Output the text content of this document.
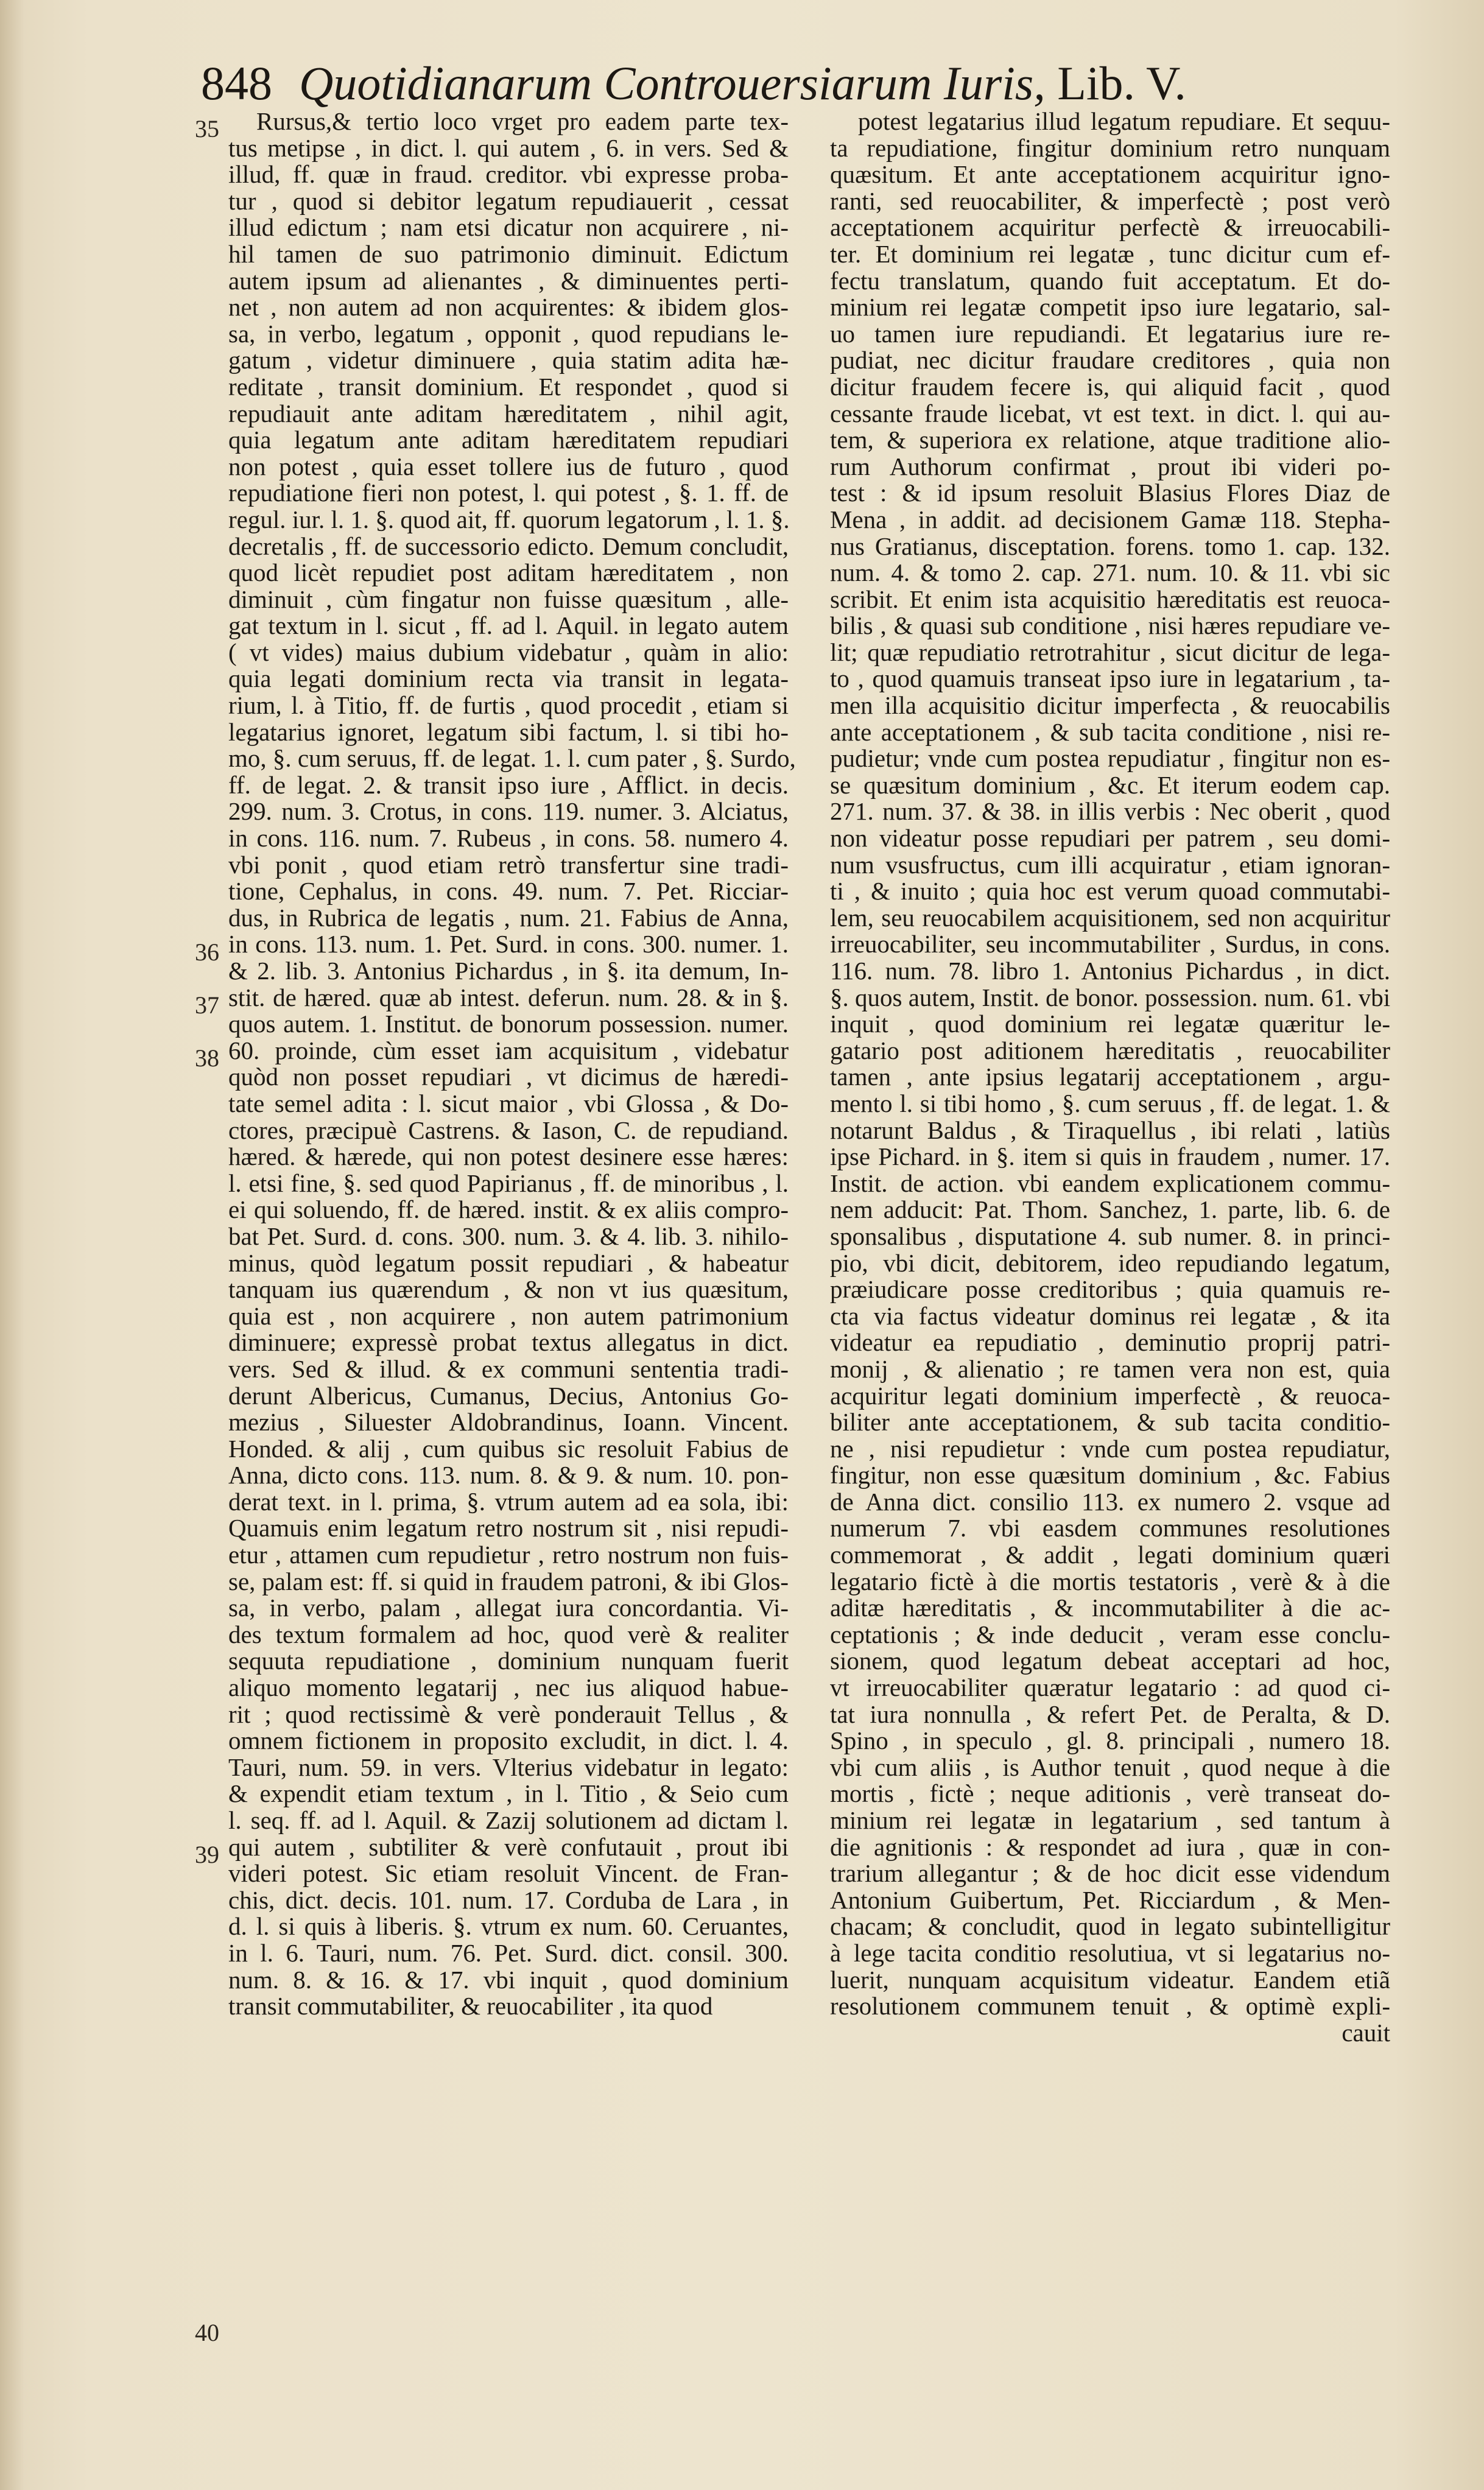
848 Quotidianarum Controuersiarum Iuris, Lib. V.
35
36
37
38
39
40

Rursus,& tertio loco vrget pro eadem parte tex-

tus metipse , in dict. l. qui autem , 6. in vers. Sed &

illud, ff. quæ in fraud. creditor. vbi expresse proba-

tur , quod si debitor legatum repudiauerit , cessat

illud edictum ; nam etsi dicatur non acquirere , ni-

hil tamen de suo patrimonio diminuit. Edictum

autem ipsum ad alienantes , & diminuentes perti-

net , non autem ad non acquirentes: & ibidem glos-

sa, in verbo, legatum , opponit , quod repudians le-

gatum , videtur diminuere , quia statim adita hæ-

reditate , transit dominium. Et respondet , quod si

repudiauit ante aditam hæreditatem , nihil agit,

quia legatum ante aditam hæreditatem repudiari

non potest , quia esset tollere ius de futuro , quod

repudiatione fieri non potest, l. qui potest , §. 1. ff. de

regul. iur. l. 1. §. quod ait, ff. quorum legatorum , l. 1. §.

decretalis , ff. de successorio edicto. Demum concludit,

quod licèt repudiet post aditam hæreditatem , non

diminuit , cùm fingatur non fuisse quæsitum , alle-

gat textum in l. sicut , ff. ad l. Aquil. in legato autem

( vt vides) maius dubium videbatur , quàm in alio:

quia legati dominium recta via transit in legata-

rium, l. à Titio, ff. de furtis , quod procedit , etiam si

legatarius ignoret, legatum sibi factum, l. si tibi ho-

mo, §. cum seruus, ff. de legat. 1. l. cum pater , §. Surdo,

ff. de legat. 2. & transit ipso iure , Afflict. in decis.

299. num. 3. Crotus, in cons. 119. numer. 3. Alciatus,

in cons. 116. num. 7. Rubeus , in cons. 58. numero 4.

vbi ponit , quod etiam retrò transfertur sine tradi-

tione, Cephalus, in cons. 49. num. 7. Pet. Ricciar-

dus, in Rubrica de legatis , num. 21. Fabius de Anna,

in cons. 113. num. 1. Pet. Surd. in cons. 300. numer. 1.

& 2. lib. 3. Antonius Pichardus , in §. ita demum, In-

stit. de hæred. quæ ab intest. deferun. num. 28. & in §.

quos autem. 1. Institut. de bonorum possession. numer.

60. proinde, cùm esset iam acquisitum , videbatur

quòd non posset repudiari , vt dicimus de hæredi-

tate semel adita : l. sicut maior , vbi Glossa , & Do-

ctores, præcipuè Castrens. & Iason, C. de repudiand.

hæred. & hærede, qui non potest desinere esse hæres:

l. etsi fine, §. sed quod Papirianus , ff. de minoribus , l.

ei qui soluendo, ff. de hæred. instit. & ex aliis compro-

bat Pet. Surd. d. cons. 300. num. 3. & 4. lib. 3. nihilo-

minus, quòd legatum possit repudiari , & habeatur

tanquam ius quærendum , & non vt ius quæsitum,

quia est , non acquirere , non autem patrimonium

diminuere; expressè probat textus allegatus in dict.

vers. Sed & illud. & ex communi sententia tradi-

derunt Albericus, Cumanus, Decius, Antonius Go-

mezius , Siluester Aldobrandinus, Ioann. Vincent.

Honded. & alij , cum quibus sic resoluit Fabius de

Anna, dicto cons. 113. num. 8. & 9. & num. 10. pon-

derat text. in l. prima, §. vtrum autem ad ea sola, ibi:

Quamuis enim legatum retro nostrum sit , nisi repudi-

etur , attamen cum repudietur , retro nostrum non fuis-

se, palam est: ff. si quid in fraudem patroni, & ibi Glos-

sa, in verbo, palam , allegat iura concordantia. Vi-

des textum formalem ad hoc, quod verè & realiter

sequuta repudiatione , dominium nunquam fuerit

aliquo momento legatarij , nec ius aliquod habue-

rit ; quod rectissimè & verè ponderauit Tellus , &

omnem fictionem in proposito excludit, in dict. l. 4.

Tauri, num. 59. in vers. Vlterius videbatur in legato:

& expendit etiam textum , in l. Titio , & Seio cum

l. seq. ff. ad l. Aquil. & Zazij solutionem ad dictam l.

qui autem , subtiliter & verè confutauit , prout ibi

videri potest. Sic etiam resoluit Vincent. de Fran-

chis, dict. decis. 101. num. 17. Corduba de Lara , in

d. l. si quis à liberis. §. vtrum ex num. 60. Ceruantes,

in l. 6. Tauri, num. 76. Pet. Surd. dict. consil. 300.

num. 8. & 16. & 17. vbi inquit , quod dominium

transit commutabiliter, & reuocabiliter , ita quod

potest legatarius illud legatum repudiare. Et sequu-

ta repudiatione, fingitur dominium retro nunquam

quæsitum. Et ante acceptationem acquiritur igno-

ranti, sed reuocabiliter, & imperfectè ; post verò

acceptationem acquiritur perfectè & irreuocabili-

ter. Et dominium rei legatæ , tunc dicitur cum ef-

fectu translatum, quando fuit acceptatum. Et do-

minium rei legatæ competit ipso iure legatario, sal-

uo tamen iure repudiandi. Et legatarius iure re-

pudiat, nec dicitur fraudare creditores , quia non

dicitur fraudem fecere is, qui aliquid facit , quod

cessante fraude licebat, vt est text. in dict. l. qui au-

tem, & superiora ex relatione, atque traditione alio-

rum Authorum confirmat , prout ibi videri po-

test : & id ipsum resoluit Blasius Flores Diaz de

Mena , in addit. ad decisionem Gamæ 118. Stepha-

nus Gratianus, disceptation. forens. tomo 1. cap. 132.

num. 4. & tomo 2. cap. 271. num. 10. & 11. vbi sic

scribit. Et enim ista acquisitio hæreditatis est reuoca-

bilis , & quasi sub conditione , nisi hæres repudiare ve-

lit; quæ repudiatio retrotrahitur , sicut dicitur de lega-

to , quod quamuis transeat ipso iure in legatarium , ta-

men illa acquisitio dicitur imperfecta , & reuocabilis

ante acceptationem , & sub tacita conditione , nisi re-

pudietur; vnde cum postea repudiatur , fingitur non es-

se quæsitum dominium , &c. Et iterum eodem cap.

271. num. 37. & 38. in illis verbis : Nec oberit , quod

non videatur posse repudiari per patrem , seu domi-

num vsusfructus, cum illi acquiratur , etiam ignoran-

ti , & inuito ; quia hoc est verum quoad commutabi-

lem, seu reuocabilem acquisitionem, sed non acquiritur

irreuocabiliter, seu incommutabiliter , Surdus, in cons.

116. num. 78. libro 1. Antonius Pichardus , in dict.

§. quos autem, Instit. de bonor. possession. num. 61. vbi

inquit , quod dominium rei legatæ quæritur le-

gatario post aditionem hæreditatis , reuocabiliter

tamen , ante ipsius legatarij acceptationem , argu-

mento l. si tibi homo , §. cum seruus , ff. de legat. 1. &

notarunt Baldus , & Tiraquellus , ibi relati , latiùs

ipse Pichard. in §. item si quis in fraudem , numer. 17.

Instit. de action. vbi eandem explicationem commu-

nem adducit: Pat. Thom. Sanchez, 1. parte, lib. 6. de

sponsalibus , disputatione 4. sub numer. 8. in princi-

pio, vbi dicit, debitorem, ideo repudiando legatum,

præiudicare posse creditoribus ; quia quamuis re-

cta via factus videatur dominus rei legatæ , & ita

videatur ea repudiatio , deminutio proprij patri-

monij , & alienatio ; re tamen vera non est, quia

acquiritur legati dominium imperfectè , & reuoca-

biliter ante acceptationem, & sub tacita conditio-

ne , nisi repudietur : vnde cum postea repudiatur,

fingitur, non esse quæsitum dominium , &c. Fabius

de Anna dict. consilio 113. ex numero 2. vsque ad

numerum 7. vbi easdem communes resolutiones

commemorat , & addit , legati dominium quæri

legatario fictè à die mortis testatoris , verè & à die

aditæ hæreditatis , & incommutabiliter à die ac-

ceptationis ; & inde deducit , veram esse conclu-

sionem, quod legatum debeat acceptari ad hoc,

vt irreuocabiliter quæratur legatario : ad quod ci-

tat iura nonnulla , & refert Pet. de Peralta, & D.

Spino , in speculo , gl. 8. principali , numero 18.

vbi cum aliis , is Author tenuit , quod neque à die

mortis , fictè ; neque aditionis , verè transeat do-

minium rei legatæ in legatarium , sed tantum à

die agnitionis : & respondet ad iura , quæ in con-

trarium allegantur ; & de hoc dicit esse videndum

Antonium Guibertum, Pet. Ricciardum , & Men-

chacam; & concludit, quod in legato subintelligitur

à lege tacita conditio resolutiua, vt si legatarius no-

luerit, nunquam acquisitum videatur. Eandem etiã

resolutionem communem tenuit , & optimè expli-

cauit
